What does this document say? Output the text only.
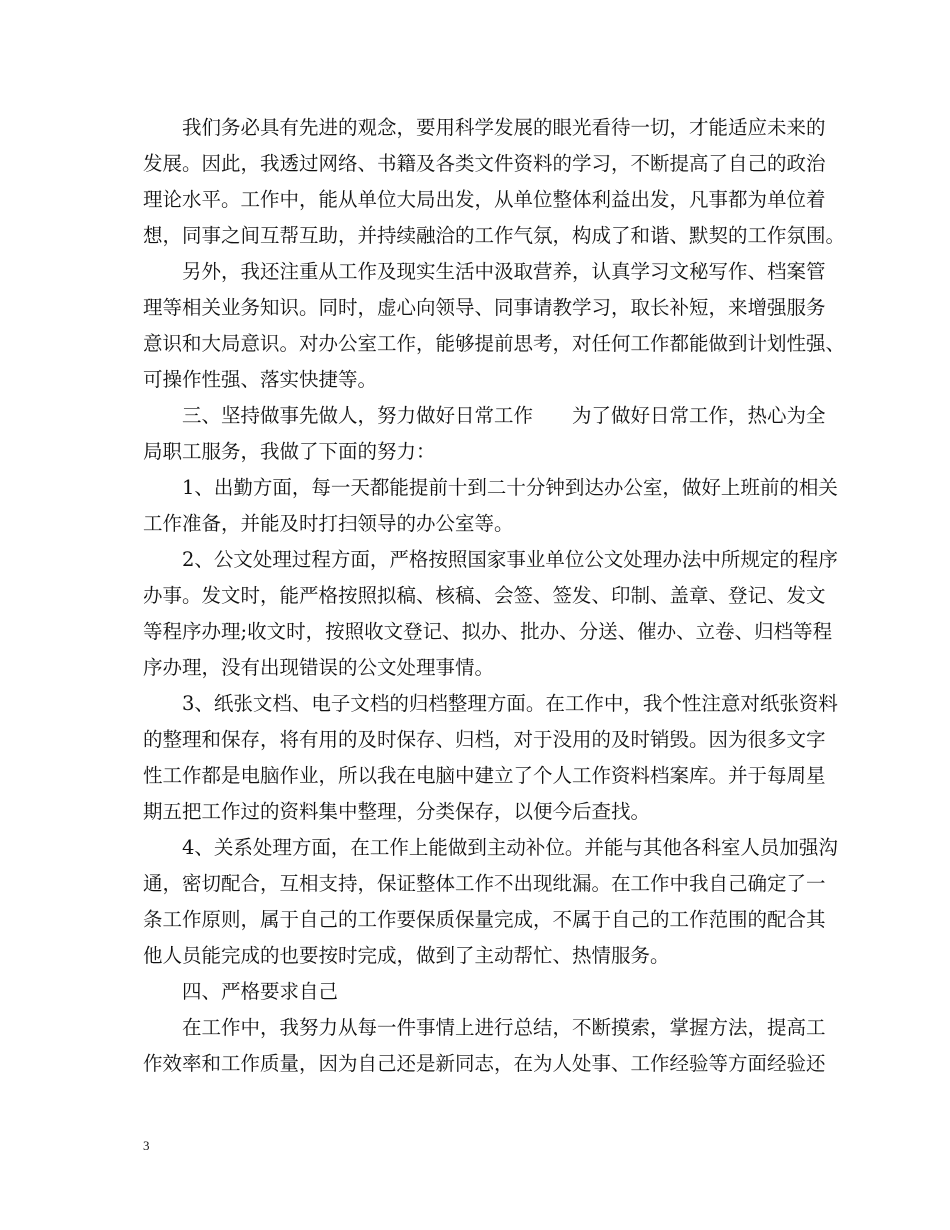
我们务必具有先进的观念，要用科学发展的眼光看待一切，才能适应未来的
发展。因此，我透过网络、书籍及各类文件资料的学习，不断提高了自己的政治
理论水平。工作中，能从单位大局出发，从单位整体利益出发，凡事都为单位着
想，同事之间互帮互助，并持续融洽的工作气氛，构成了和谐、默契的工作氛围。
另外，我还注重从工作及现实生活中汲取营养，认真学习文秘写作、档案管
理等相关业务知识。同时，虚心向领导、同事请教学习，取长补短，来增强服务
意识和大局意识。对办公室工作，能够提前思考，对任何工作都能做到计划性强、
可操作性强、落实快捷等。
三、坚持做事先做人，努力做好日常工作　　为了做好日常工作，热心为全
局职工服务，我做了下面的努力：
1、出勤方面，每一天都能提前十到二十分钟到达办公室，做好上班前的相关
工作准备，并能及时打扫领导的办公室等。
2、公文处理过程方面，严格按照国家事业单位公文处理办法中所规定的程序
办事。发文时，能严格按照拟稿、核稿、会签、签发、印制、盖章、登记、发文
等程序办理;收文时，按照收文登记、拟办、批办、分送、催办、立卷、归档等程
序办理，没有出现错误的公文处理事情。
3、纸张文档、电子文档的归档整理方面。在工作中，我个性注意对纸张资料
的整理和保存，将有用的及时保存、归档，对于没用的及时销毁。因为很多文字
性工作都是电脑作业，所以我在电脑中建立了个人工作资料档案库。并于每周星
期五把工作过的资料集中整理，分类保存，以便今后查找。
4、关系处理方面，在工作上能做到主动补位。并能与其他各科室人员加强沟
通，密切配合，互相支持，保证整体工作不出现纰漏。在工作中我自己确定了一
条工作原则，属于自己的工作要保质保量完成，不属于自己的工作范围的配合其
他人员能完成的也要按时完成，做到了主动帮忙、热情服务。
四、严格要求自己
在工作中，我努力从每一件事情上进行总结，不断摸索，掌握方法，提高工
作效率和工作质量，因为自己还是新同志，在为人处事、工作经验等方面经验还
3
